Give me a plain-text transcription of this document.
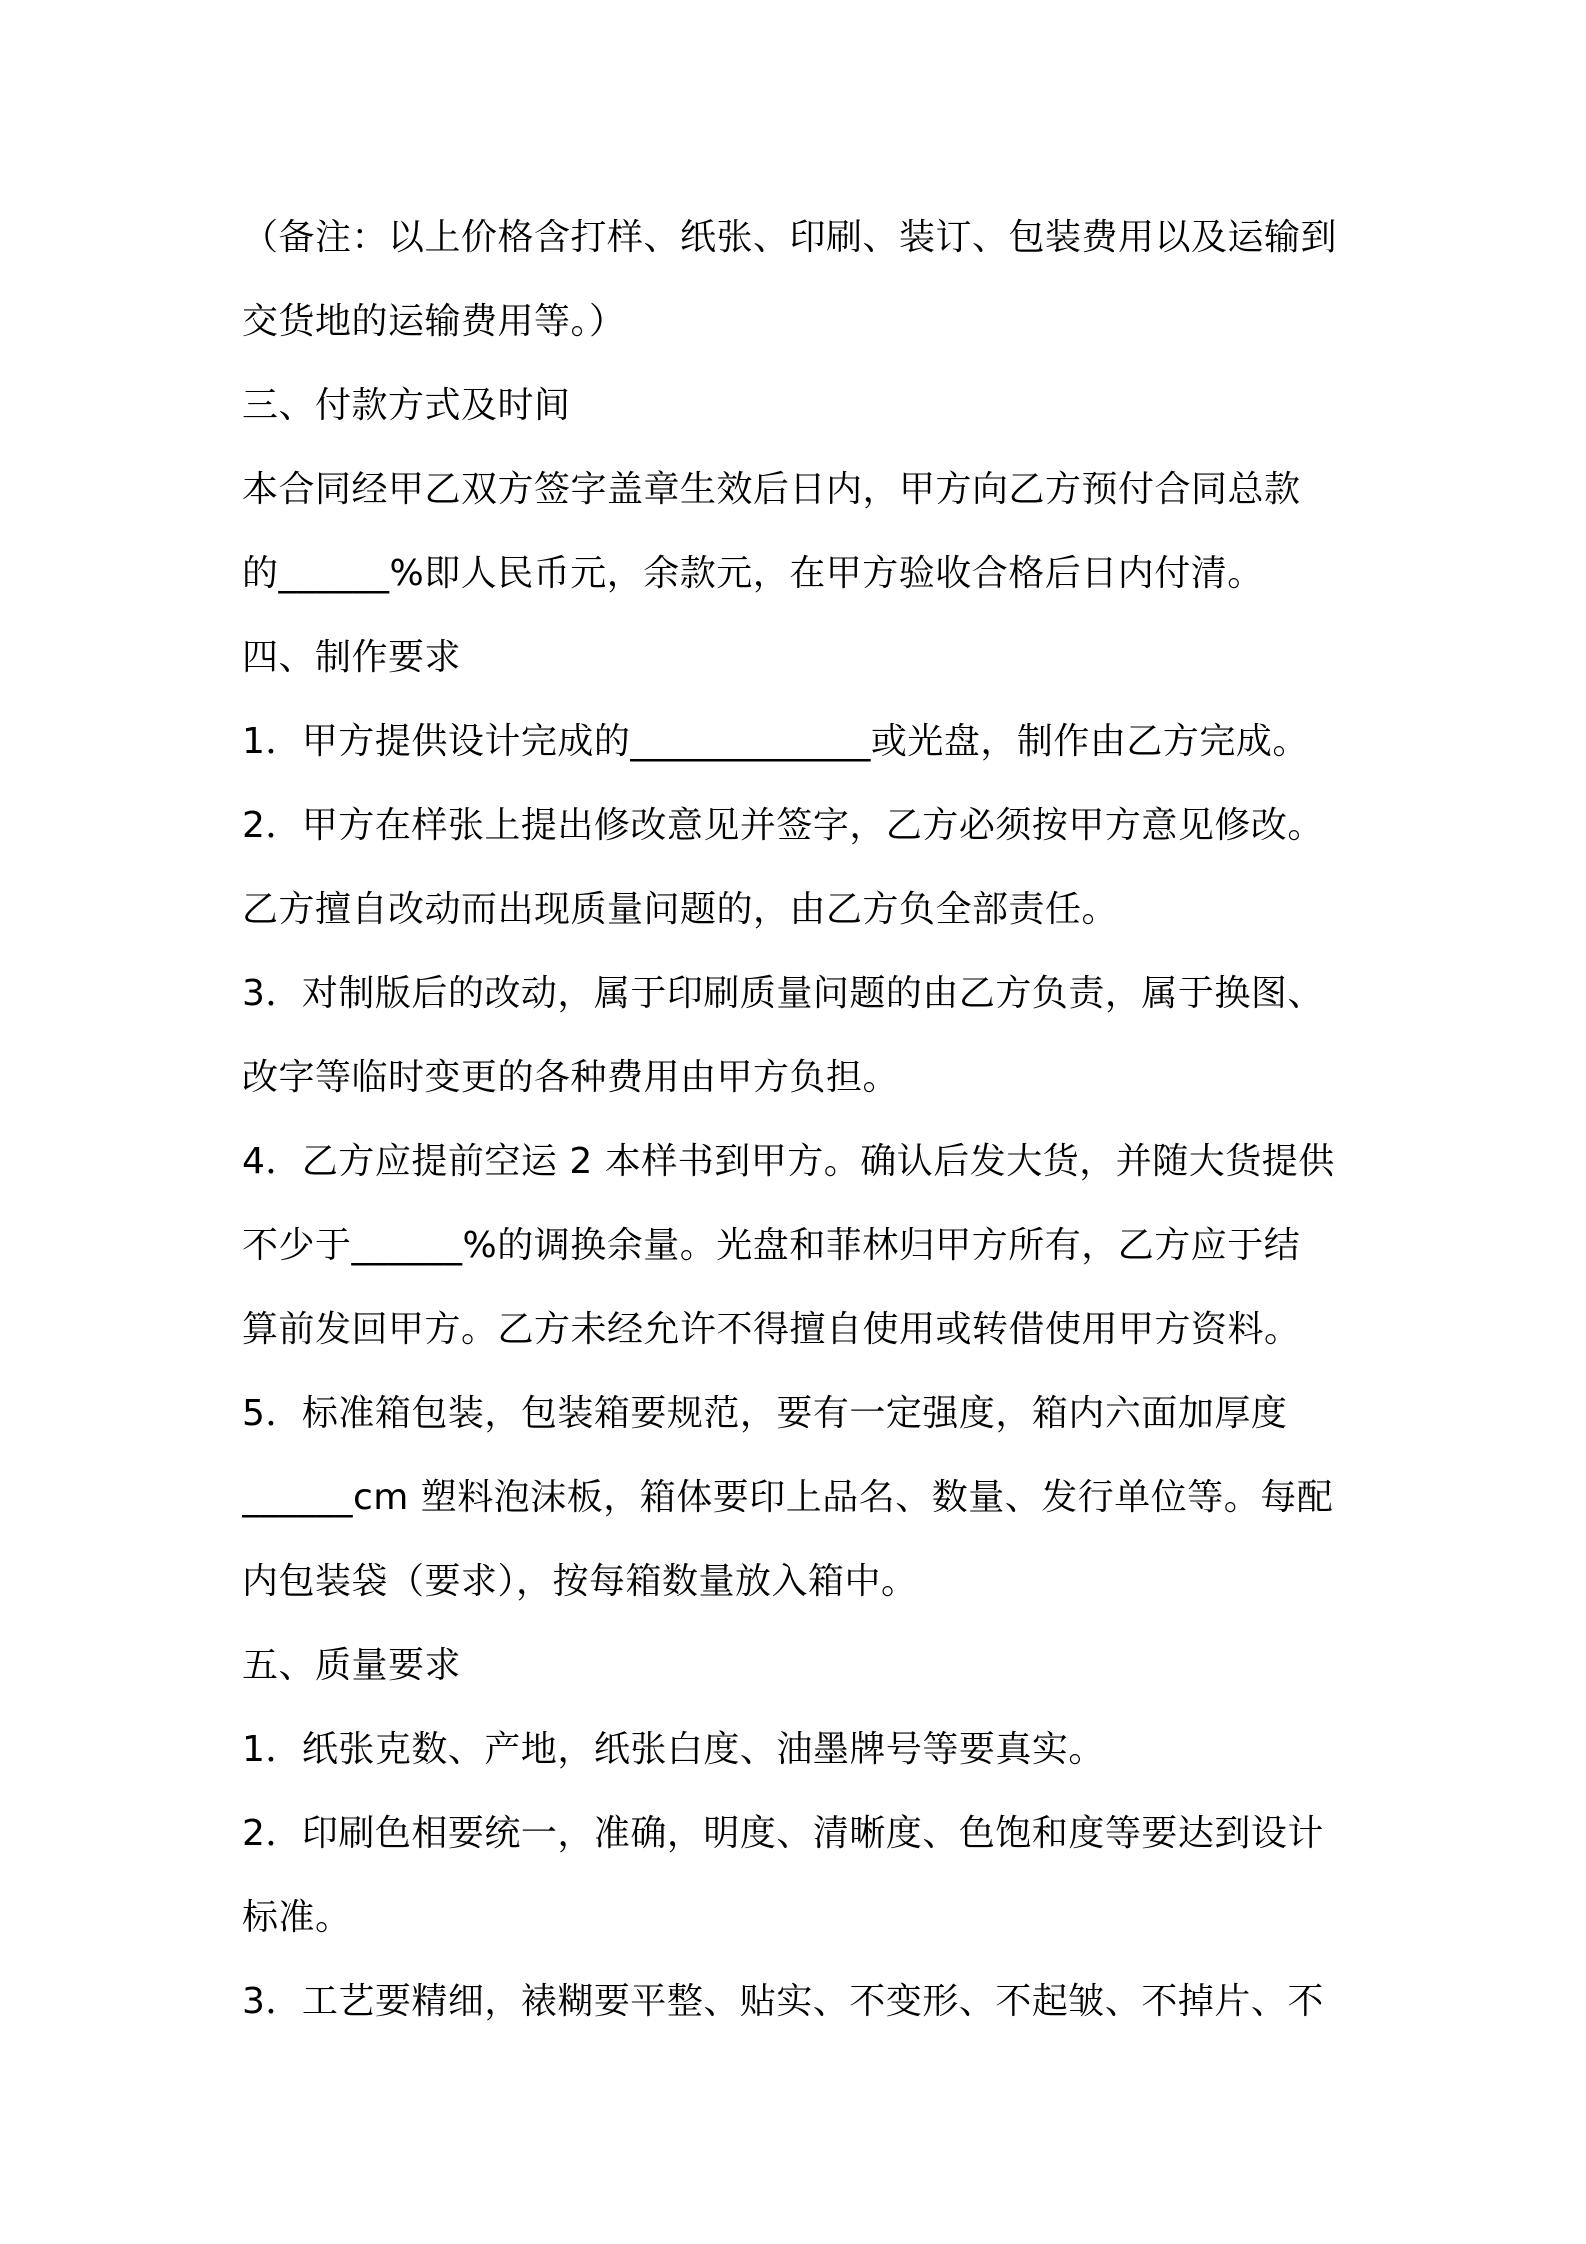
（备注：以上价格含打样、纸张、印刷、装订、包装费用以及运输到
交货地的运输费用等。）
三、付款方式及时间
本合同经甲乙双方签字盖章生效后日内，甲方向乙方预付合同总款
的______%即人民币元，余款元，在甲方验收合格后日内付清。
四、制作要求
1．甲方提供设计完成的_____________或光盘，制作由乙方完成。
2．甲方在样张上提出修改意见并签字，乙方必须按甲方意见修改。
乙方擅自改动而出现质量问题的，由乙方负全部责任。
3．对制版后的改动，属于印刷质量问题的由乙方负责，属于换图、
改字等临时变更的各种费用由甲方负担。
4．乙方应提前空运 2 本样书到甲方。确认后发大货，并随大货提供
不少于______%的调换余量。光盘和菲林归甲方所有，乙方应于结
算前发回甲方。乙方未经允许不得擅自使用或转借使用甲方资料。
5．标准箱包装，包装箱要规范，要有一定强度，箱内六面加厚度
______cm 塑料泡沫板，箱体要印上品名、数量、发行单位等。每配
内包装袋（要求），按每箱数量放入箱中。
五、质量要求
1．纸张克数、产地，纸张白度、油墨牌号等要真实。
2．印刷色相要统一，准确，明度、清晰度、色饱和度等要达到设计
标准。
3．工艺要精细，裱糊要平整、贴实、不变形、不起皱、不掉片、不
